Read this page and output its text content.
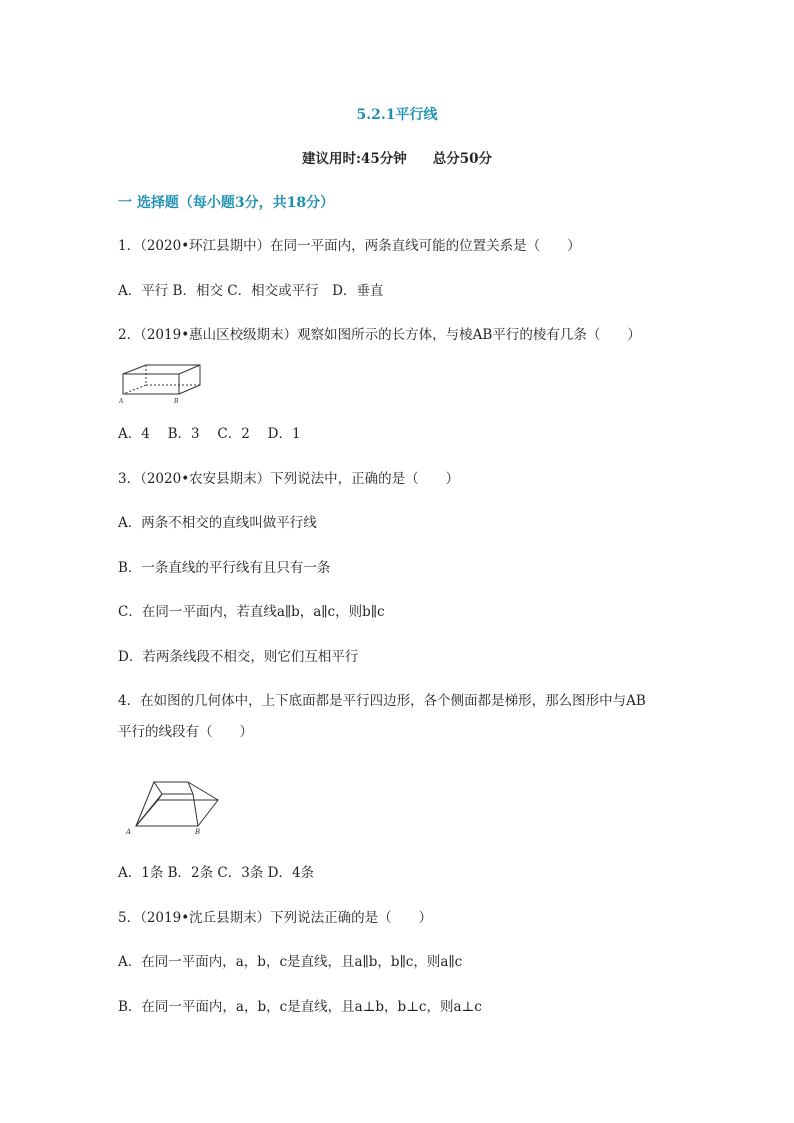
5.2.1平行线
建议用时:45分钟 总分50分
一 选择题（每小题3分，共18分）
1．（2020•环江县期中）在同一平面内，两条直线可能的位置关系是（　　）
A．平行 B．相交 C．相交或平行　D．垂直
2．（2019•惠山区校级期末）观察如图所示的长方体，与棱AB平行的棱有几条（　　）
A	B
A．4　 B．3　 C．2　 D．1
3．（2020•农安县期末）下列说法中，正确的是（　　）
A．两条不相交的直线叫做平行线
B．一条直线的平行线有且只有一条
C．在同一平面内，若直线a∥b，a∥c，则b∥c
D．若两条线段不相交，则它们互相平行
4．在如图的几何体中，上下底面都是平行四边形，各个侧面都是梯形，那么图形中与AB
平行的线段有（　　）
A	B
A．1条 B．2条 C．3条 D．4条
5．（2019•沈丘县期末）下列说法正确的是（　　）
A．在同一平面内，a，b，c是直线，且a∥b，b∥c，则a∥c
B．在同一平面内，a，b，c是直线，且a⊥b，b⊥c，则a⊥c
